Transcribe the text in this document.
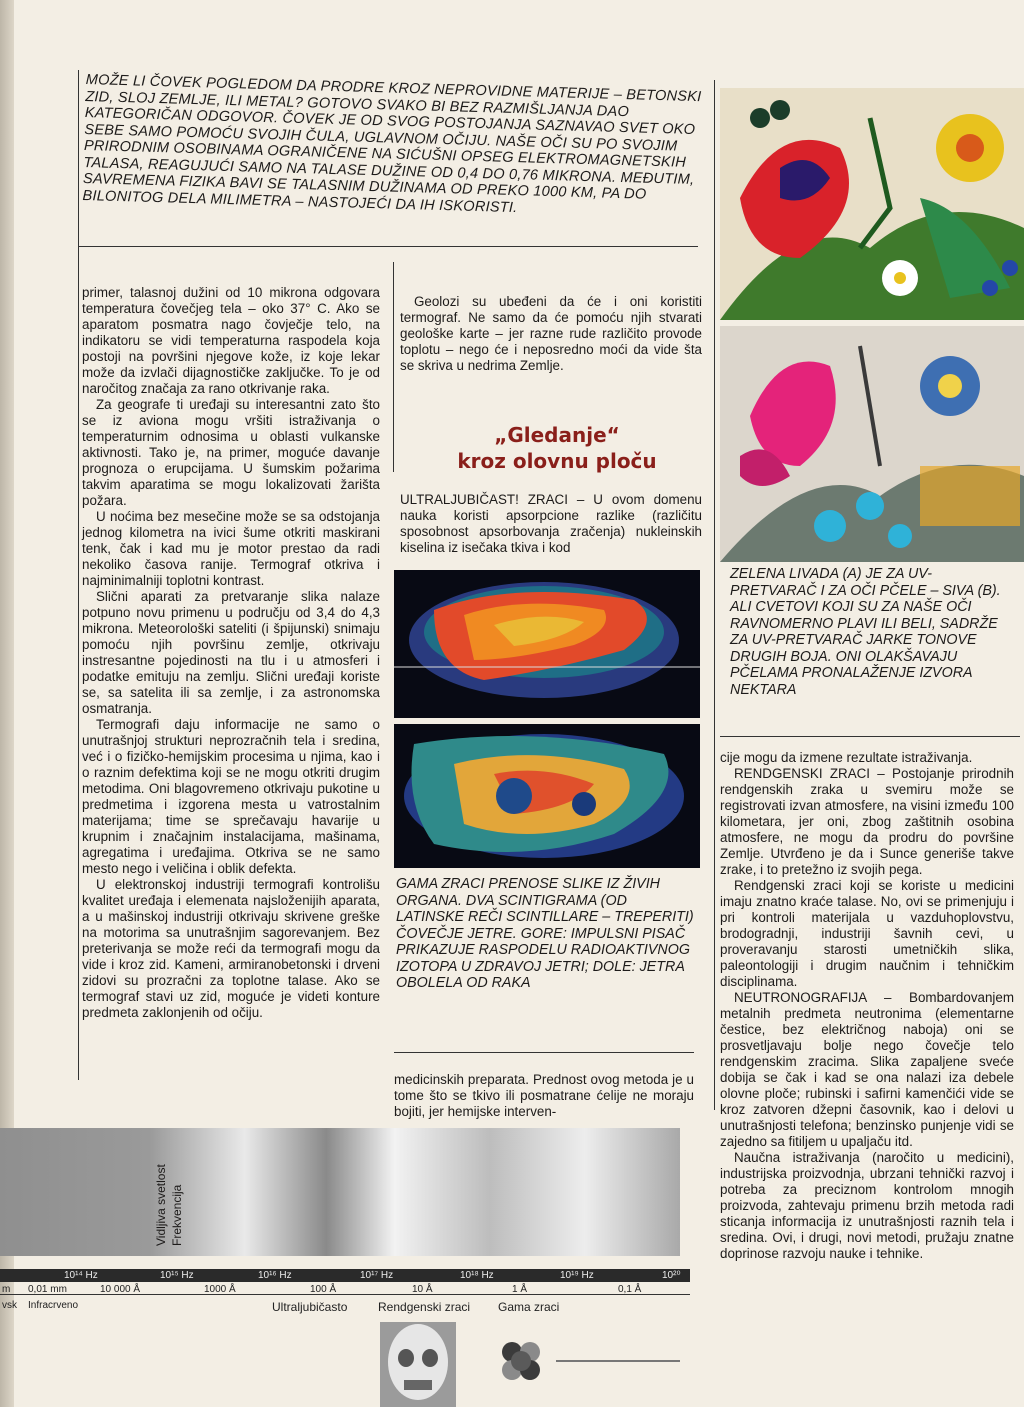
MOŽE LI ČOVEK POGLEDOM DA PRODRE KROZ NEPROVIDNE MATERIJE – BETONSKI ZID, SLOJ ZEMLJE, ILI METAL? GOTOVO SVAKO BI BEZ RAZMIŠLJANJA DAO KATEGORIČAN ODGOVOR. ČOVEK JE OD SVOG POSTOJANJA SAZNAVAO SVET OKO SEBE SAMO POMOĆU SVOJIH ČULA, UGLAVNOM OČIJU. NAŠE OČI SU PO SVOJIM PRIRODNIM OSOBINAMA OGRANIČENE NA SIĆUŠNI OPSEG ELEKTROMAGNETSKIH TALASA, REAGUJUĆI SAMO NA TALASE DUŽINE OD 0,4 DO 0,76 MIKRONA. MEĐUTIM, SAVREMENA FIZIKA BAVI SE TALASNIM DUŽINAMA OD PREKO 1000 KM, PA DO BILONITOG DELA MILIMETRA – NASTOJEĆI DA IH ISKORISTI.

primer, talasnoj dužini od 10 mikrona odgovara temperatura čovečjeg tela – oko 37° C. Ako se aparatom posmatra nago čovječje telo, na indikatoru se vidi temperaturna raspodela koja postoji na površini njegove kože, iz koje lekar može da izvlači dijagnostičke zaključke. To je od naročitog značaja za rano otkrivanje raka.

Za geografe ti uređaji su interesantni zato što se iz aviona mogu vršiti istraživanja o temperaturnim odnosima u oblasti vulkanske aktivnosti. Tako je, na primer, moguće davanje prognoza o erupcijama. U šumskim požarima takvim aparatima se mogu lokalizovati žarišta požara.

U noćima bez mesečine može se sa odstojanja jednog kilometra na ivici šume otkriti maskirani tenk, čak i kad mu je motor prestao da radi nekoliko časova ranije. Termograf otkriva i najminimalniji toplotni kontrast.

Slični aparati za pretvaranje slika nalaze potpuno novu primenu u području od 3,4 do 4,3 mikrona. Meteorološki sateliti (i špijunski) snimaju pomoću njih površinu zemlje, otkrivaju instresantne pojedinosti na tlu i u atmosferi i podatke emituju na zemlju. Slični uređaji koriste se, sa satelita ili sa zemlje, i za astronomska osmatranja.

Termografi daju informacije ne samo o unutrašnjoj strukturi neprozračnih tela i sredina, već i o fizičko-hemijskim procesima u njima, kao i o raznim defektima koji se ne mogu otkriti drugim metodima. Oni blagovremeno otkrivaju pukotine u predmetima i izgorena mesta u vatrostalnim materijama; time se sprečavaju havarije u krupnim i značajnim instalacijama, mašinama, agregatima i uređajima. Otkriva se ne samo mesto nego i veličina i oblik defekta.

U elektronskoj industriji termografi kontrolišu kvalitet uređaja i elemenata najsloženijih aparata, a u mašinskoj industriji otkrivaju skrivene greške na motorima sa unutrašnjim sagorevanjem. Bez preterivanja se može reći da termografi mogu da vide i kroz zid. Kameni, armiranobetonski i drveni zidovi su prozračni za toplotne talase. Ako se termograf stavi uz zid, moguće je videti konture predmeta zaklonjenih od očiju.

Geolozi su ubeđeni da će i oni koristiti termograf. Ne samo da će pomoću njih stvarati geološke karte – jer razne rude različito provode toplotu – nego će i neposredno moći da vide šta se skriva u nedrima Zemlje.

„Gledanje“
kroz olovnu ploču

ULTRALJUBIČAST! ZRACI – U ovom domenu nauka koristi apsorpcione razlike (različitu sposobnost apsorbovanja zračenja) nukleinskih kiselina iz isečaka tkiva i kod

GAMA ZRACI PRENOSE SLIKE IZ ŽIVIH ORGANA. DVA SCINTIGRAMA (OD LATINSKE REČI SCINTILLARE – TREPERITI) ČOVEČJE JETRE. GORE: IMPULSNI PISAČ PRIKAZUJE RASPODELU RADIOAKTIVNOG IZOTOPA U ZDRAVOJ JETRI; DOLE: JETRA OBOLELA OD RAKA

medicinskih preparata. Prednost ovog metoda je u tome što se tkivo ili posmatrane ćelije ne moraju bojiti, jer hemijske interven-

ZELENA LIVADA (A) JE ZA UV-PRETVARAČ I ZA OČI PČELE – SIVA (B). ALI CVETOVI KOJI SU ZA NAŠE OČI RAVNOMERNO PLAVI ILI BELI, SADRŽE ZA UV-PRETVARAČ JARKE TONOVE DRUGIH BOJA. ONI OLAKŠAVAJU PČELAMA PRONALAŽENJE IZVORA NEKTARA

cije mogu da izmene rezultate istraživanja.

RENDGENSKI ZRACI – Postojanje prirodnih rendgenskih zraka u svemiru može se registrovati izvan atmosfere, na visini između 100 kilometara, jer oni, zbog zaštitnih osobina atmosfere, ne mogu da prodru do površine Zemlje. Utvrđeno je da i Sunce generiše takve zrake, i to pretežno iz svojih pega.

Rendgenski zraci koji se koriste u medicini imaju znatno kraće talase. No, ovi se primenjuju i pri kontroli materijala u vazduhoplovstvu, brodogradnji, industriji šavnih cevi, u proveravanju starosti umetničkih slika, paleontologiji i drugim naučnim i tehničkim disciplinama.

NEUTRONOGRAFIJA – Bombardovanjem metalnih predmeta neutronima (elementarne čestice, bez električnog naboja) oni se prosvetljavaju bolje nego čovečje telo rendgenskim zracima. Slika zapaljene sveće dobija se čak i kad se ona nalazi iza debele olovne ploče; rubinski i safirni kamenčići vide se kroz zatvoren džepni časovnik, kao i delovi u unutrašnjosti telefona; benzinsko punjenje vidi se zajedno sa fitiljem u upaljaču itd.

Naučna istraživanja (naročito u medicini), industrijska proizvodnja, ubrzani tehnički razvoj i potreba za preciznom kontrolom mnogih proizvoda, zahtevaju primenu brzih metoda radi sticanja informacija iz unutrašnjosti raznih tela i sredina. Ovi, i drugi, novi metodi, pružaju znatne doprinose razvoju nauke i tehnike.

Vidljiva svetlost Frekvencija
10¹⁴ Hz	10¹⁵ Hz	10¹⁶ Hz	10¹⁷ Hz	10¹⁸ Hz	10¹⁹ Hz	10²⁰
m 0,01 mm	10 000 Å	1000 Å	100 Å	10 Å	1 Å	0,1 Å
vsk Infracrveno	Ultraljubičasto	Rendgenski zraci Gama zraci
